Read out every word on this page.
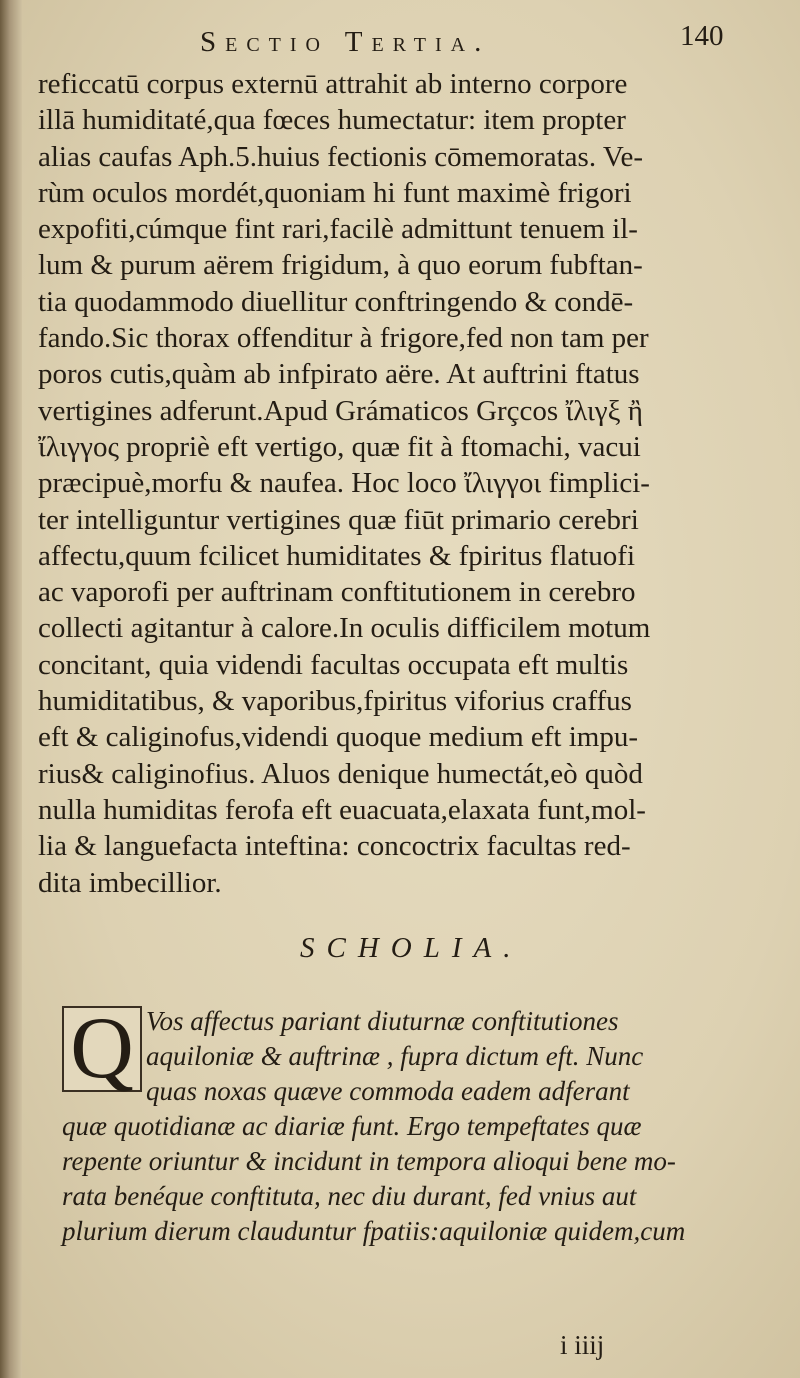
Sectio Tertia.	140
reficcatū corpus externū attrahit ab interno corpore
illā humiditaté,qua fœces humectatur: item propter
alias caufas Aph.5.huius fectionis cōmemoratas. Ve-
rùm oculos mordét,quoniam hi funt maximè frigori
expofiti,cúmque fint rari,facilè admittunt tenuem il-
lum & purum aërem frigidum, à quo eorum fubftan-
tia quodammodo diuellitur conftringendo & condē-
fando.Sic thorax offenditur à frigore,fed non tam per
poros cutis,quàm ab infpirato aëre. At auftrini ftatus
vertigines adferunt.Apud Grámaticos Grçcos ἴλιγξ ἢ
ἴλιγγος propriè eft vertigo, quæ fit à ftomachi, vacui
præcipuè,morfu & naufea. Hoc loco ἴλιγγοι fimplici-
ter intelliguntur vertigines quæ fiūt primario cerebri
affectu,quum fcilicet humiditates & fpiritus flatuofi
ac vaporofi per auftrinam conftitutionem in cerebro
collecti agitantur à calore.In oculis difficilem motum
concitant, quia videndi facultas occupata eft multis
humiditatibus, & vaporibus,fpiritus viforius craffus
eft & caliginofus,videndi quoque medium eft impu-
rius& caliginofius. Aluos denique humectát,eò quòd
nulla humiditas ferofa eft euacuata,elaxata funt,mol-
lia & languefacta inteftina: concoctrix facultas red-
dita imbecillior.
SCHOLIA.
Q Vos affectus pariant diuturnæ conftitutiones
aquiloniæ & auftrinæ , fupra dictum eft. Nunc
quas noxas quæve commoda eadem adferant
quæ quotidianæ ac diariæ funt. Ergo tempeftates quæ
repente oriuntur & incidunt in tempora alioqui bene mo-
rata benéque conftituta, nec diu durant, fed vnius aut
plurium dierum clauduntur fpatiis:aquiloniæ quidem,cum
i iiij
